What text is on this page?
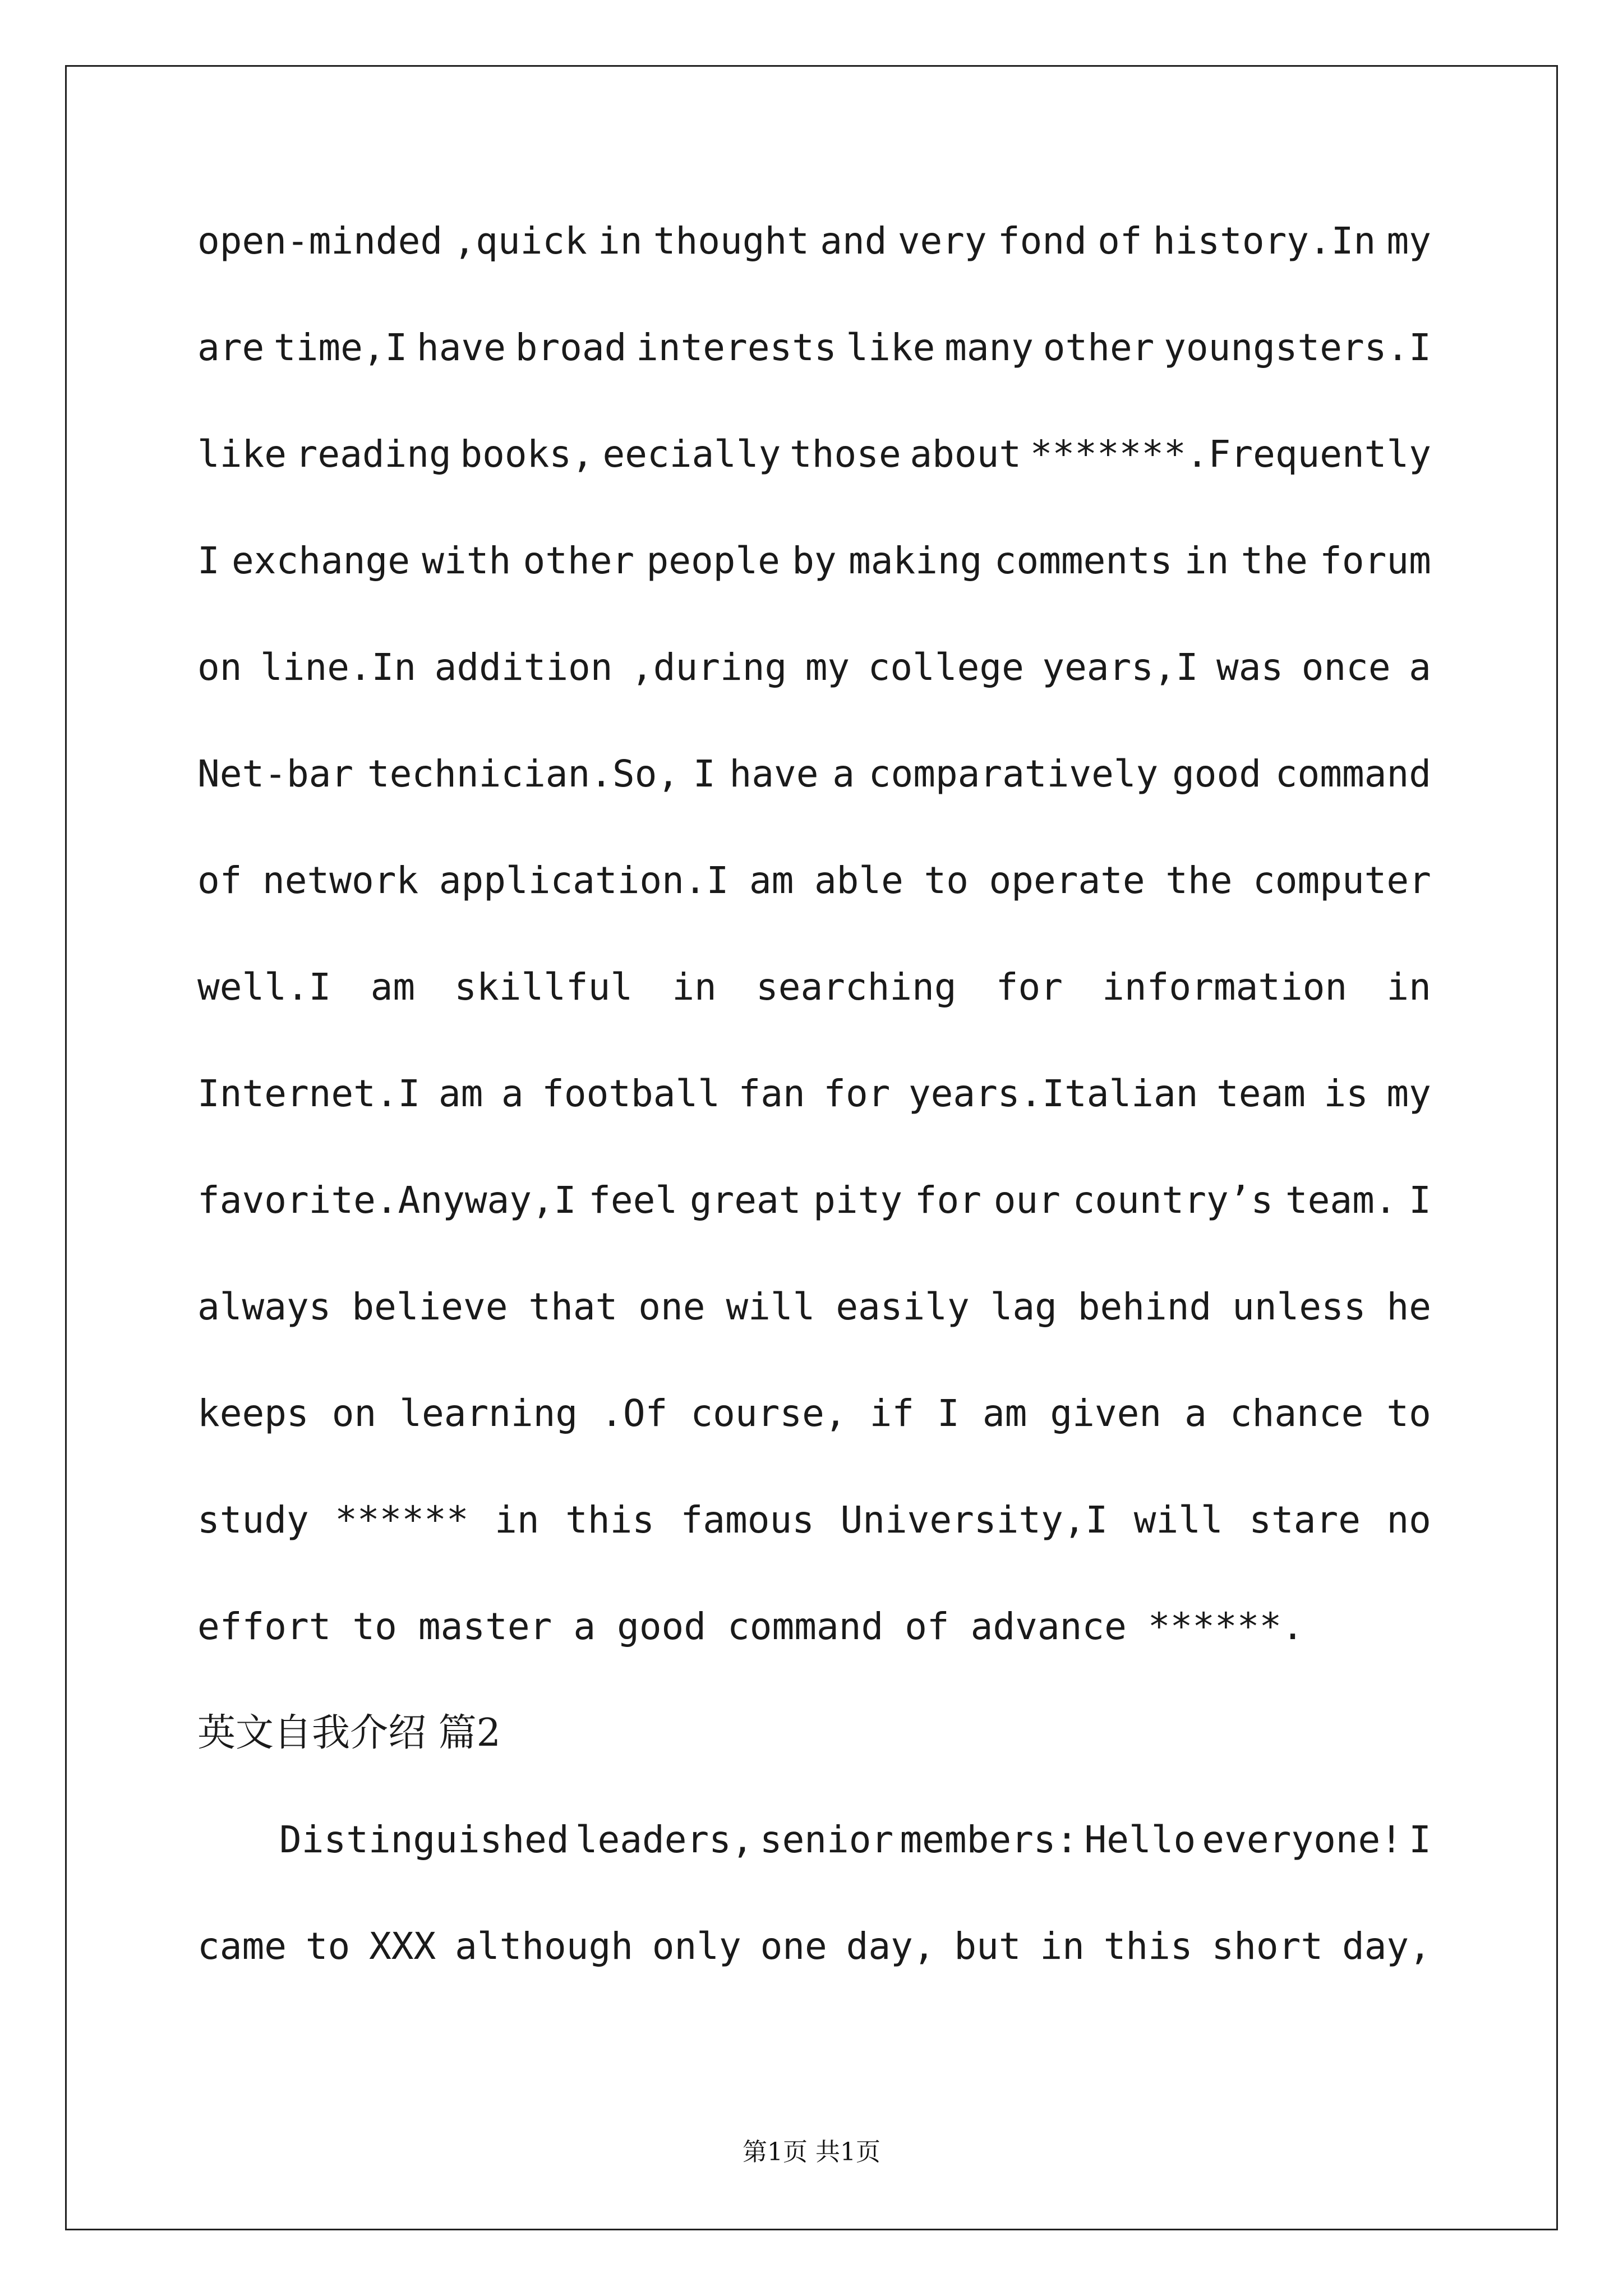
open-minded ,quick in thought and very fond of history.In my
are time,I have broad interests like many other youngsters.I
like reading books, eecially those about *******.Frequently
I exchange with other people by making comments in the forum
on line.In addition ,during my college years,I was once a
Net-bar technician.So, I have a comparatively good command
of network application.I am able to operate the computer
well.I am skillful in searching for information in
Internet.I am a football fan for years.Italian team is my
favorite.Anyway,I feel great pity for our country’s team. I
always believe that one will easily lag behind unless he
keeps on learning .Of course, if I am given a chance to
study ****** in this famous University,I will stare no
effort to master a good command of advance ******.
英文自我介绍 篇2
Distinguished leaders, senior members: Hello everyone! I
came to XXX although only one day, but in this short day,
第1页 共1页
